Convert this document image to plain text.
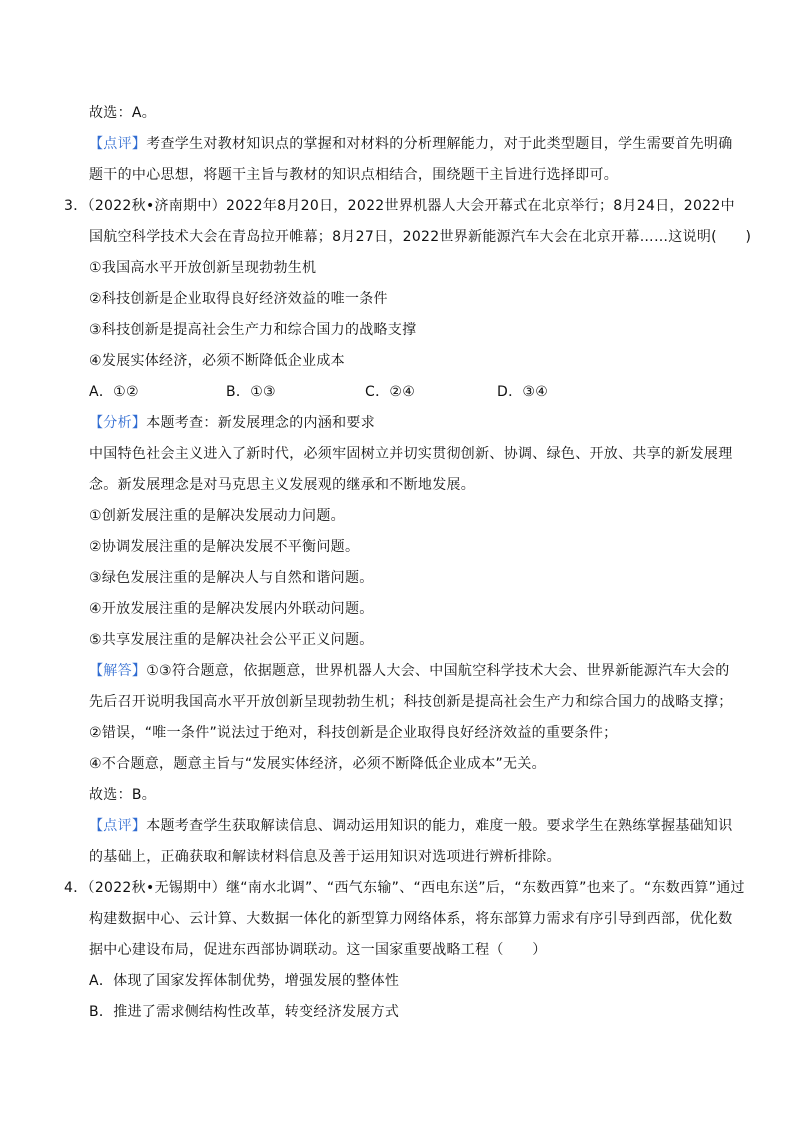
故选：A。
【点评】考查学生对教材知识点的掌握和对材料的分析理解能力，对于此类型题目，学生需要首先明确
题干的中心思想，将题干主旨与教材的知识点相结合，围绕题干主旨进行选择即可。
3．（2022秋•济南期中）2022年8月20日，2022世界机器人大会开幕式在北京举行；8月24日，2022中
国航空科学技术大会在青岛拉开帷幕；8月27日，2022世界新能源汽车大会在北京开幕……这说明(　　)
①我国高水平开放创新呈现勃勃生机
②科技创新是企业取得良好经济效益的唯一条件
③科技创新是提高社会生产力和综合国力的战略支撑
④发展实体经济，必须不断降低企业成本
A．①②	B．①③	C．②④	D．③④
【分析】本题考查：新发展理念的内涵和要求
中国特色社会主义进入了新时代，必须牢固树立并切实贯彻创新、协调、绿色、开放、共享的新发展理
念。新发展理念是对马克思主义发展观的继承和不断地发展。
①创新发展注重的是解决发展动力问题。
②协调发展注重的是解决发展不平衡问题。
③绿色发展注重的是解决人与自然和谐问题。
④开放发展注重的是解决发展内外联动问题。
⑤共享发展注重的是解决社会公平正义问题。
【解答】①③符合题意，依据题意，世界机器人大会、中国航空科学技术大会、世界新能源汽车大会的
先后召开说明我国高水平开放创新呈现勃勃生机；科技创新是提高社会生产力和综合国力的战略支撑；
②错误，“唯一条件”说法过于绝对，科技创新是企业取得良好经济效益的重要条件；
④不合题意，题意主旨与“发展实体经济，必须不断降低企业成本”无关。
故选：B。
【点评】本题考查学生获取解读信息、调动运用知识的能力，难度一般。要求学生在熟练掌握基础知识
的基础上，正确获取和解读材料信息及善于运用知识对选项进行辨析排除。
4．（2022秋•无锡期中）继“南水北调”、“西气东输”、“西电东送”后，“东数西算”也来了。“东数西算”通过
构建数据中心、云计算、大数据一体化的新型算力网络体系，将东部算力需求有序引导到西部，优化数
据中心建设布局，促进东西部协调联动。这一国家重要战略工程（　　）
A．体现了国家发挥体制优势，增强发展的整体性
B．推进了需求侧结构性改革，转变经济发展方式
